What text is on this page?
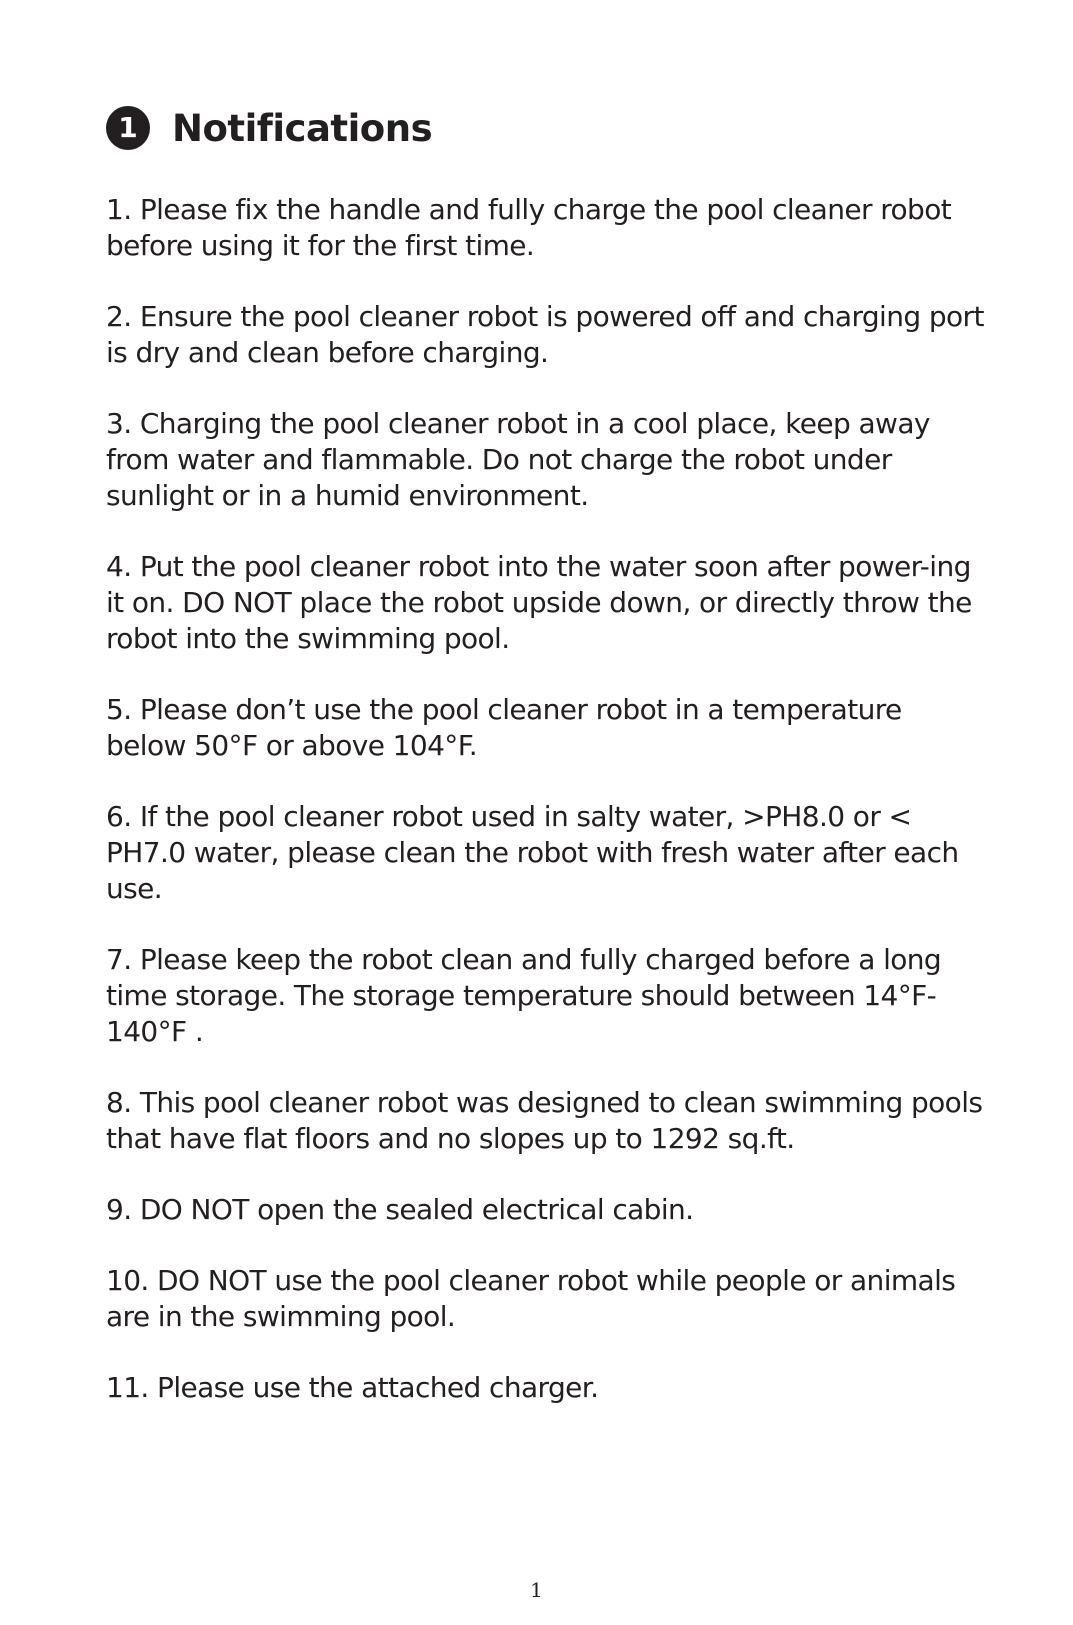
1 Notifications
1. Please fix the handle and fully charge the pool cleaner robot before using it for the first time.
2. Ensure the pool cleaner robot is powered off and charging port is dry and clean before charging.
3. Charging the pool cleaner robot in a cool place, keep away from water and flammable. Do not charge the robot under sunlight or in a humid environment.
4. Put the pool cleaner robot into the water soon after power-ing it on. DO NOT place the robot upside down, or directly throw the robot into the swimming pool.
5. Please don’t use the pool cleaner robot in a temperature below 50°F or above 104°F.
6. If the pool cleaner robot used in salty water, >PH8.0 or < PH7.0 water, please clean the robot with fresh water after each use.
7. Please keep the robot clean and fully charged before a long time storage. The storage temperature should between 14°F-140°F .
8. This pool cleaner robot was designed to clean swimming pools that have flat floors and no slopes up to 1292 sq.ft.
9. DO NOT open the sealed electrical cabin.
10. DO NOT use the pool cleaner robot while people or animals are in the swimming pool.
11. Please use the attached charger.
1
